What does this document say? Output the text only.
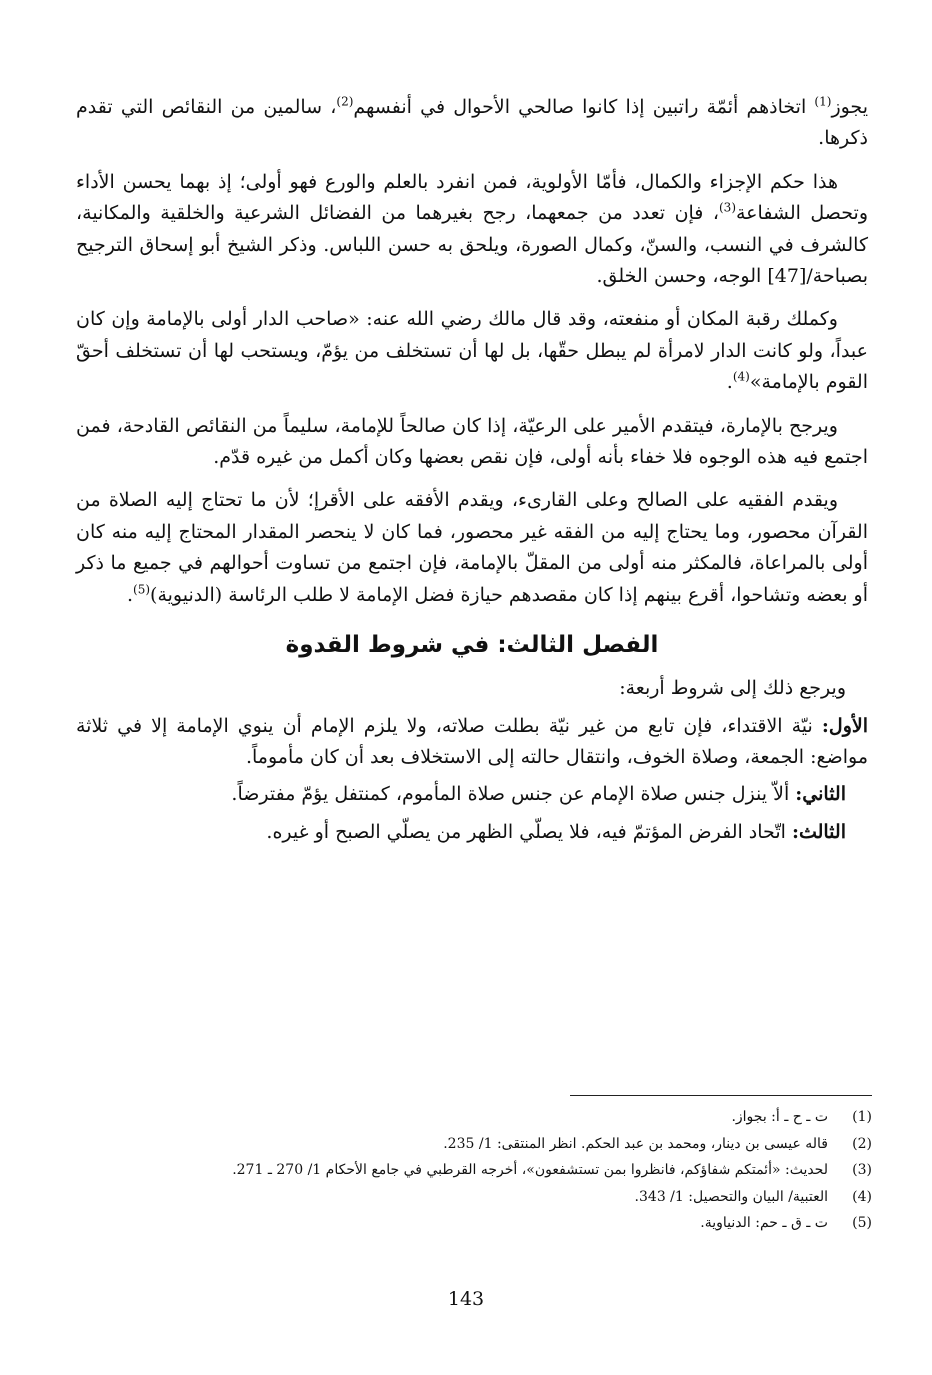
يجوز$^{(1)}$ اتخاذهم أئمّة راتبين إذا كانوا صالحي الأحوال في أنفسهم$^{(2)}$، سالمين من النقائص التي تقدم ذكرها.

هذا حكم الإجزاء والكمال، فأمّا الأولوية، فمن انفرد بالعلم والورع فهو أولى؛ إذ بهما يحسن الأداء وتحصل الشفاعة$^{(3)}$، فإن تعدد من جمعهما، رجح بغيرهما من الفضائل الشرعية والخلقية والمكانية، كالشرف في النسب، والسنّ، وكمال الصورة، ويلحق به حسن اللباس. وذكر الشيخ أبو إسحاق الترجيح بصباحة/[47] الوجه، وحسن الخلق.

وكملك رقبة المكان أو منفعته، وقد قال مالك رضي الله عنه: «صاحب الدار أولى بالإمامة وإن كان عبداً، ولو كانت الدار لامرأة لم يبطل حقّها، بل لها أن تستخلف من يؤمّ، ويستحب لها أن تستخلف أحقّ القوم بالإمامة»$^{(4)}$.

ويرجح بالإمارة، فيتقدم الأمير على الرعيّة، إذا كان صالحاً للإمامة، سليماً من النقائص القادحة، فمن اجتمع فيه هذه الوجوه فلا خفاء بأنه أولى، فإن نقص بعضها وكان أكمل من غيره قدّم.

ويقدم الفقيه على الصالح وعلى القارىء، ويقدم الأفقه على الأقرإ؛ لأن ما تحتاج إليه الصلاة من القرآن محصور، وما يحتاج إليه من الفقه غير محصور، فما كان لا ينحصر المقدار المحتاج إليه منه كان أولى بالمراعاة، فالمكثر منه أولى من المقلّ بالإمامة، فإن اجتمع من تساوت أحوالهم في جميع ما ذكر أو بعضه وتشاحوا، أقرع بينهم إذا كان مقصدهم حيازة فضل الإمامة لا طلب الرئاسة (الدنيوية)$^{(5)}$.

الفصل الثالث: في شروط القدوة

ويرجع ذلك إلى شروط أربعة:

الأول: نيّة الاقتداء، فإن تابع من غير نيّة بطلت صلاته، ولا يلزم الإمام أن ينوي الإمامة إلا في ثلاثة مواضع: الجمعة، وصلاة الخوف، وانتقال حالته إلى الاستخلاف بعد أن كان مأموماً.

الثاني: ألاّ ينزل جنس صلاة الإمام عن جنس صلاة المأموم، كمنتفل يؤمّ مفترضاً.

الثالث: اتّحاد الفرض المؤتمّ فيه، فلا يصلّي الظهر من يصلّي الصبح أو غيره.

(1)
ت ـ ح ـ أ: بجواز.
(2)
قاله عيسى بن دينار، ومحمد بن عبد الحكم. انظر المنتقى: 1/ 235.
(3)
لحديث: «أئمتكم شفاؤكم، فانظروا بمن تستشفعون»، أخرجه القرطبي في جامع الأحكام 1/ 270 ـ 271.
(4)
العتبية/ البيان والتحصيل: 1/ 343.
(5)
ت ـ ق ـ حم: الدنياوية.
143
